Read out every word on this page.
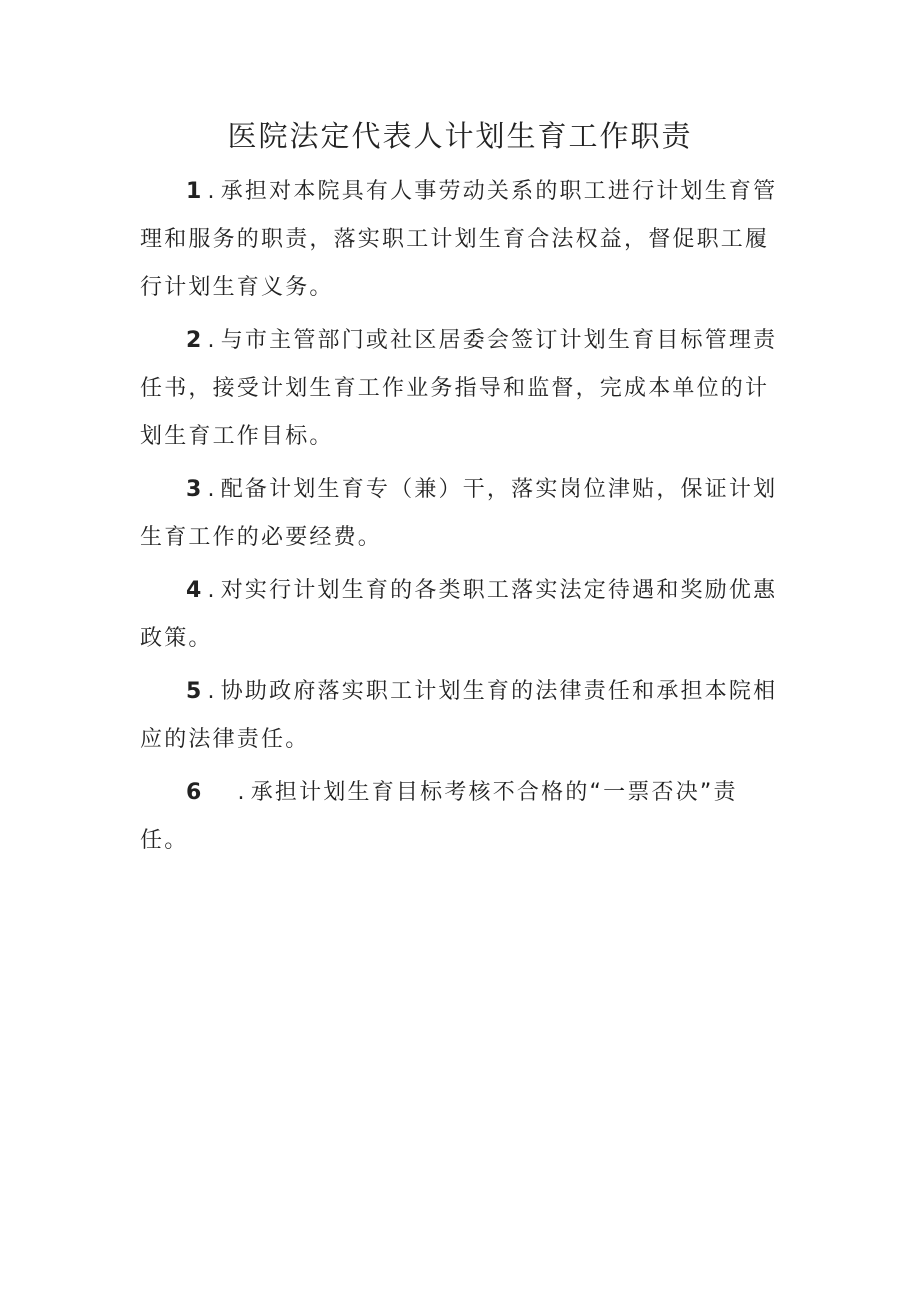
医院法定代表人计划生育工作职责

1 . 承担对本院具有人事劳动关系的职工进行计划生育管理和服务的职责，落实职工计划生育合法权益，督促职工履行计划生育义务。

2 . 与市主管部门或社区居委会签订计划生育目标管理责任书，接受计划生育工作业务指导和监督，完成本单位的计划生育工作目标。

3 . 配备计划生育专（兼）干，落实岗位津贴，保证计划生育工作的必要经费。

4 . 对实行计划生育的各类职工落实法定待遇和奖励优惠政策。

5 . 协助政府落实职工计划生育的法律责任和承担本院相应的法律责任。

6 . 承担计划生育目标考核不合格的“一票否决”责任。
